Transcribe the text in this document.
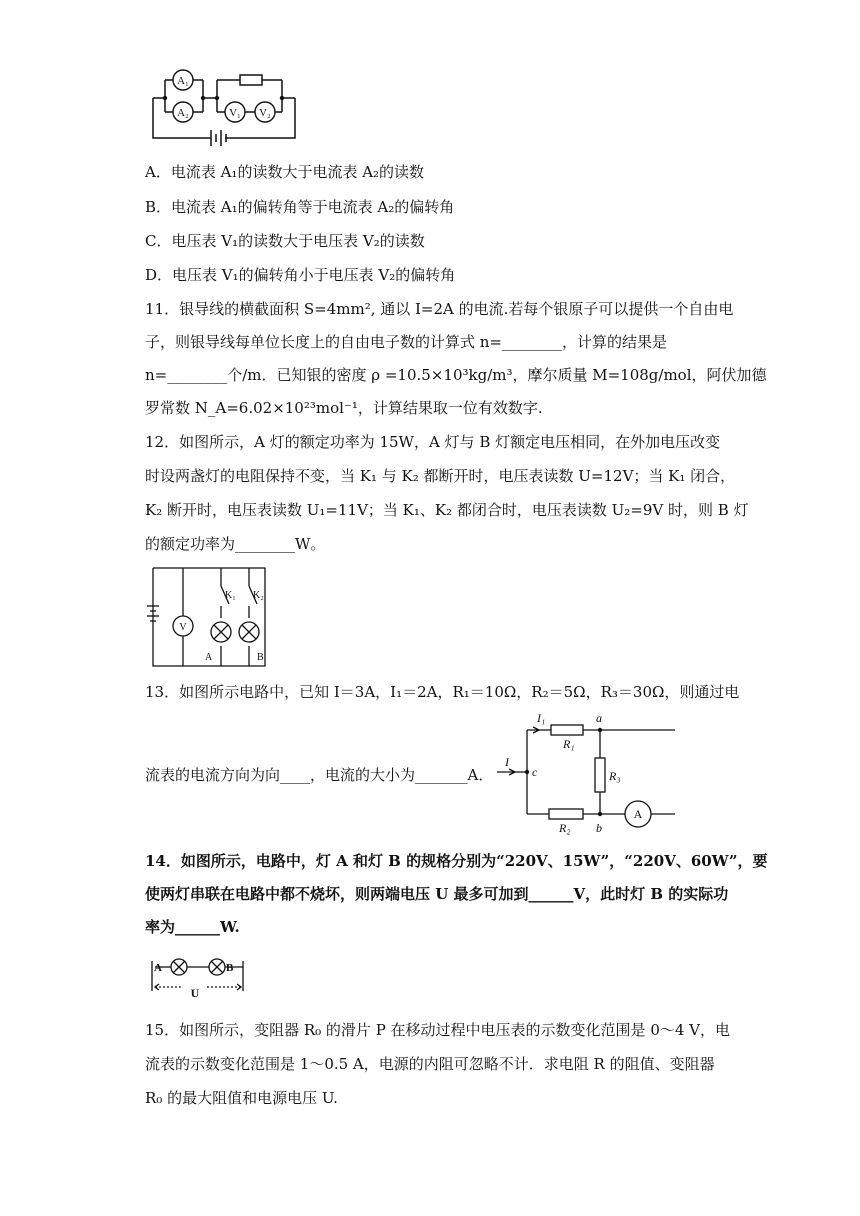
A₁
A₂	V₁ V₂
A．电流表 A₁的读数大于电流表 A₂的读数
B．电流表 A₁的偏转角等于电流表 A₂的偏转角
C．电压表 V₁的读数大于电压表 V₂的读数
D．电压表 V₁的偏转角小于电压表 V₂的偏转角
11．银导线的横截面积 S=4mm², 通以 I=2A 的电流.若每个银原子可以提供一个自由电
子，则银导线每单位长度上的自由电子数的计算式 n=________，计算的结果是
n=________个/m．已知银的密度 ρ =10.5×10³kg/m³，摩尔质量 M=108g/mol，阿伏加德
罗常数 N_A=6.02×10²³mol⁻¹，计算结果取一位有效数字.
12．如图所示，A 灯的额定功率为 15W，A 灯与 B 灯额定电压相同，在外加电压改变
时设两盏灯的电阻保持不变，当 K₁ 与 K₂ 都断开时，电压表读数 U=12V；当 K₁ 闭合，
K₂ 断开时，电压表读数 U₁=11V；当 K₁、K₂ 都闭合时，电压表读数 U₂=9V 时，则 B 灯
的额定功率为________W。
V
K₁ K₂
A	B
13．如图所示电路中，已知 I＝3A，I₁＝2A，R₁＝10Ω，R₂＝5Ω，R₃＝30Ω，则通过电
流表的电流方向为向____，电流的大小为_______A．
I₁
R₁
a
I
c	R₃
R₂ b
A
14．如图所示，电路中，灯 A 和灯 B 的规格分别为“220V、15W”，“220V、60W”，要
使两灯串联在电路中都不烧坏，则两端电压 U 最多可加到______V，此时灯 B 的实际功
率为______W.
A	B
U
15．如图所示，变阻器 R₀ 的滑片 P 在移动过程中电压表的示数变化范围是 0～4 V，电
流表的示数变化范围是 1～0.5 A，电源的内阻可忽略不计．求电阻 R 的阻值、变阻器
R₀ 的最大阻值和电源电压 U.
